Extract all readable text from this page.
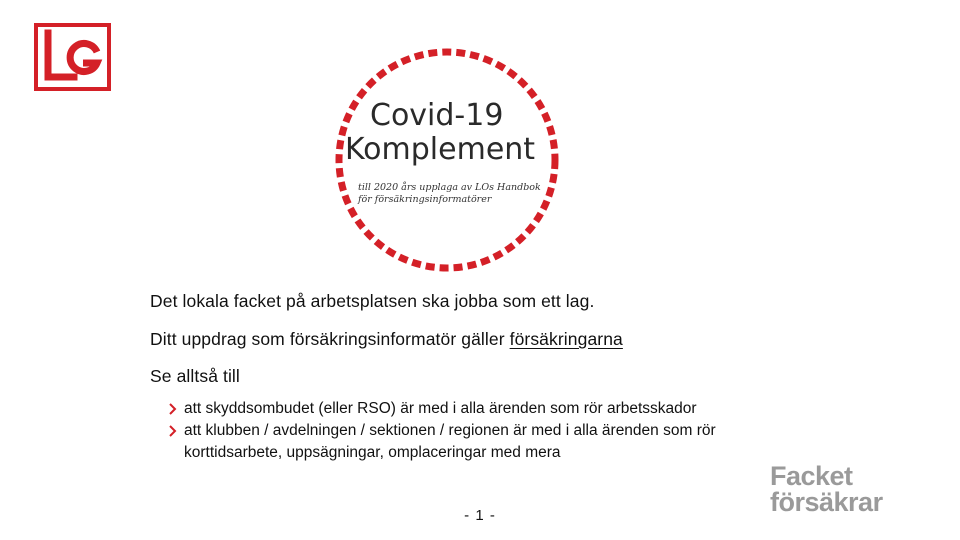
Covid-19
Komplement
till 2020 års upplaga av LOs Handbok
för försäkringsinformatörer
Det lokala facket på arbetsplatsen ska jobba som ett lag.
Ditt uppdrag som försäkringsinformatör gäller försäkringarna
Se alltså till
att skyddsombudet (eller RSO) är med i alla ärenden som rör arbetsskador
att klubben / avdelningen / sektionen / regionen är med i alla ärenden som rör korttidsarbete, uppsägningar, omplaceringar med mera
- 1 -
Facket
försäkrar
